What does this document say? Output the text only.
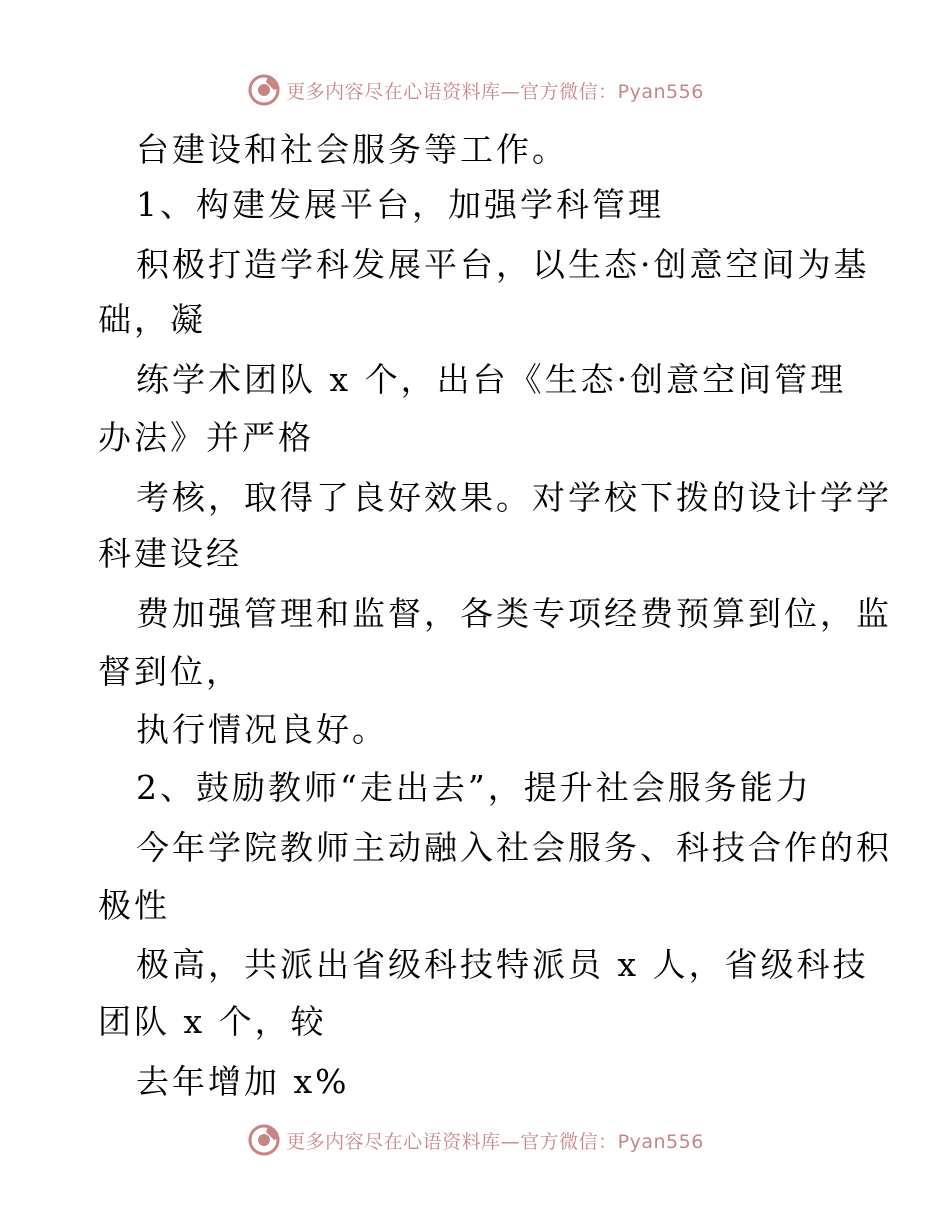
更多内容尽在心语资料库—官方微信：Pyan556
台建设和社会服务等工作。
1、构建发展平台，加强学科管理
积极打造学科发展平台，以生态·创意空间为基
础，凝
练学术团队 x 个，出台《生态·创意空间管理
办法》并严格
考核，取得了良好效果。对学校下拨的设计学学
科建设经
费加强管理和监督，各类专项经费预算到位，监
督到位，
执行情况良好。
2、鼓励教师“走出去”，提升社会服务能力
今年学院教师主动融入社会服务、科技合作的积
极性
极高，共派出省级科技特派员 x 人，省级科技
团队 x 个，较
去年增加 x%
更多内容尽在心语资料库—官方微信：Pyan556
